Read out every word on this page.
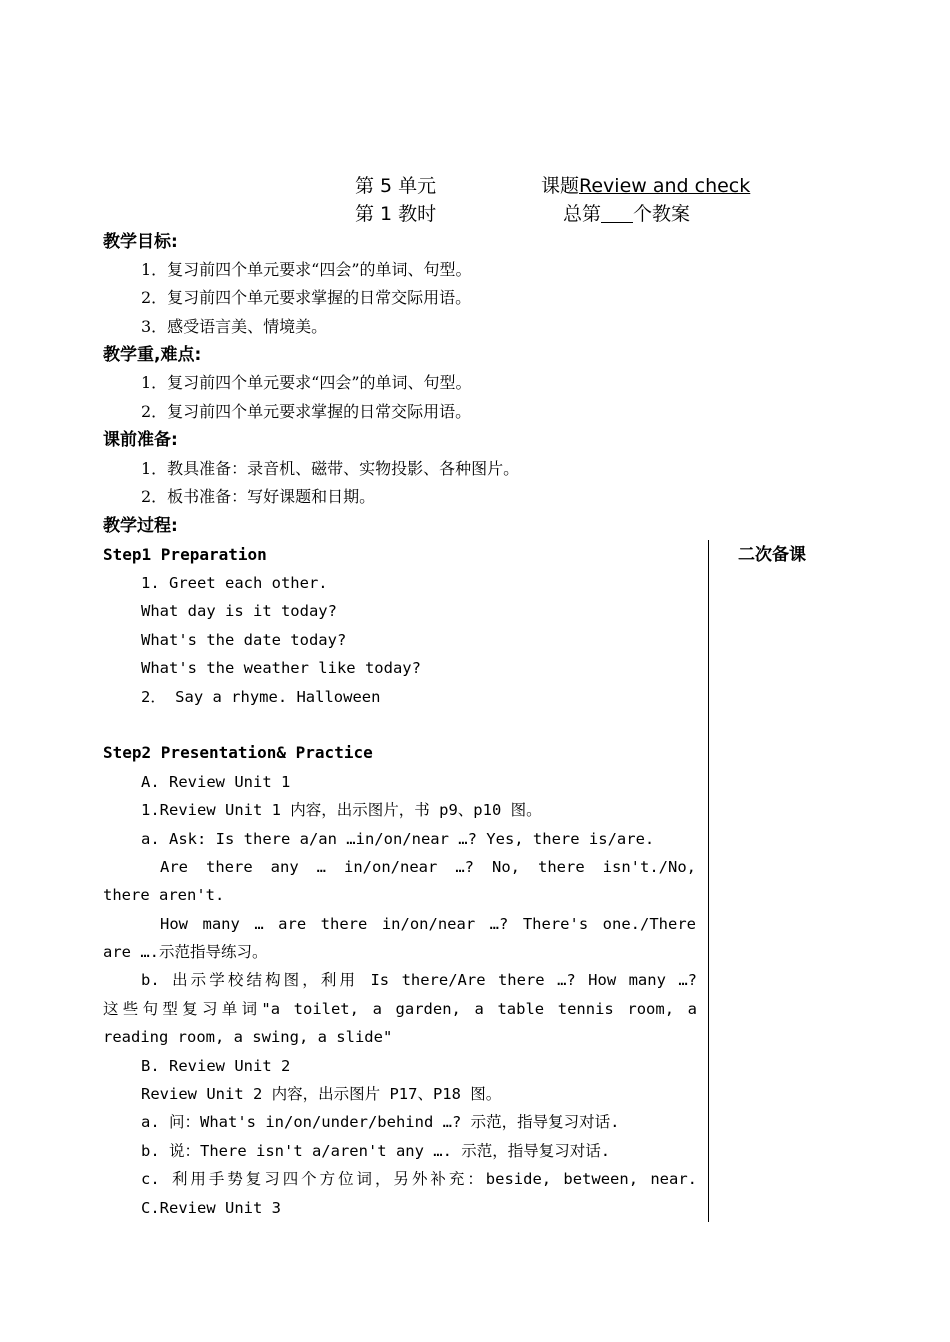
第 5 单元	课题Review and check
第 1 教时	总第 个教案
教学目标:
1．复习前四个单元要求“四会”的单词、句型。
2．复习前四个单元要求掌握的日常交际用语。
3．感受语言美、情境美。
教学重,难点:
1．复习前四个单元要求“四会”的单词、句型。
2．复习前四个单元要求掌握的日常交际用语。
课前准备:
1．教具准备：录音机、磁带、实物投影、各种图片。
2．板书准备：写好课题和日期。
教学过程:
二次备课
Step1 Preparation
1. Greet each other.
What day is it today?
What's the date today?
What's the weather like today?
2． Say a rhyme. Halloween
Step2 Presentation& Practice
A. Review Unit 1
1.Review Unit 1 内容，出示图片，书 p9、p10 图。
a. Ask: Is there a/an …in/on/near …? Yes, there is/are.
Are there any … in/on/near …? No, there isn't./No,
there aren't.
How many … are there in/on/near …? There's one./There
are ….示范指导练习。
b. 出示学校结构图，利用 Is there/Are there …? How many …?
这些句型复习单词"a toilet, a garden, a table tennis room, a
reading room, a swing, a slide"
B. Review Unit 2
Review Unit 2 内容，出示图片 P17、P18 图。
a. 问：What's in/on/under/behind …? 示范，指导复习对话.
b. 说：There isn't a/aren't any …. 示范，指导复习对话.
c. 利用手势复习四个方位词，另外补充：beside, between, near.
C.Review Unit 3
